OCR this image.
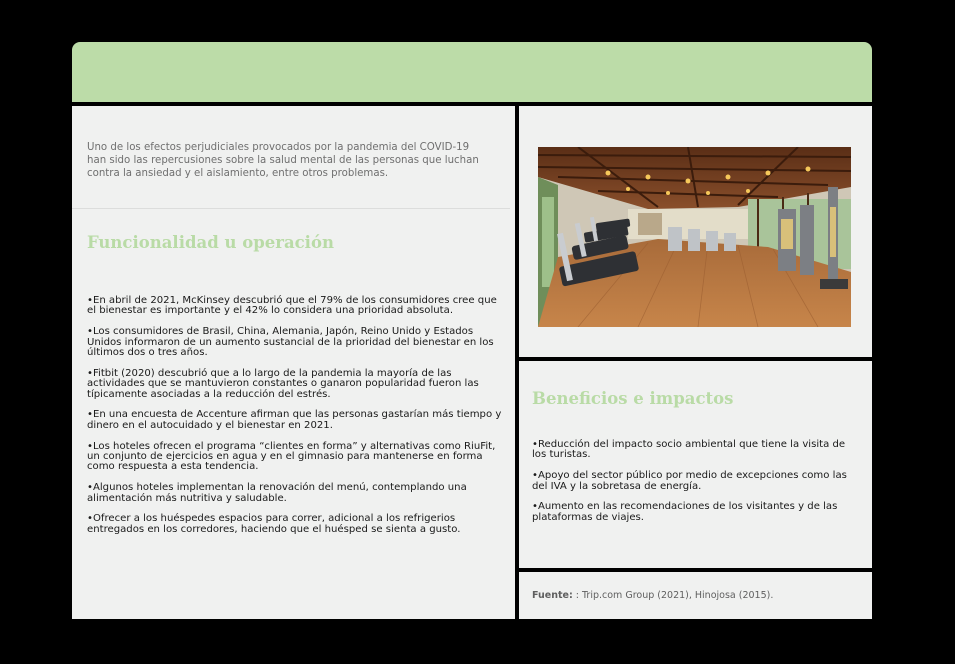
Uno de los efectos perjudiciales provocados por la pandemia del COVID-19 han sido las repercusiones sobre la salud mental de las personas que luchan contra la ansiedad y el aislamiento, entre otros problemas.

Funcionalidad u operación
•En abril de 2021, McKinsey descubrió que el 79% de los consumidores cree que el bienestar es importante y el 42% lo considera una prioridad absoluta.
•Los consumidores de Brasil, China, Alemania, Japón, Reino Unido y Estados Unidos informaron de un aumento sustancial de la prioridad del bienestar en los últimos dos o tres años.
•Fitbit (2020) descubrió que a lo largo de la pandemia la mayoría de las actividades que se mantuvieron constantes o ganaron popularidad fueron las típicamente asociadas a la reducción del estrés.
•En una encuesta de Accenture afirman que las personas gastarían más tiempo y dinero en el autocuidado y el bienestar en 2021.
•Los hoteles ofrecen el programa “clientes en forma” y alternativas como RiuFit, un conjunto de ejercicios en agua y en el gimnasio para mantenerse en forma como respuesta a esta tendencia.
•Algunos hoteles implementan la renovación del menú, contemplando una alimentación más nutritiva y saludable.
•Ofrecer a los huéspedes espacios para correr, adicional a los refrigerios entregados en los corredores, haciendo que el huésped se sienta a gusto.
Beneficios e impactos
•Reducción del impacto socio ambiental que tiene la visita de los turistas.
•Apoyo del sector público por medio de excepciones como las del IVA y la sobretasa de energía.
•Aumento en las recomendaciones de los visitantes y de las plataformas de viajes.

Fuente: : Trip.com Group (2021), Hinojosa (2015).
